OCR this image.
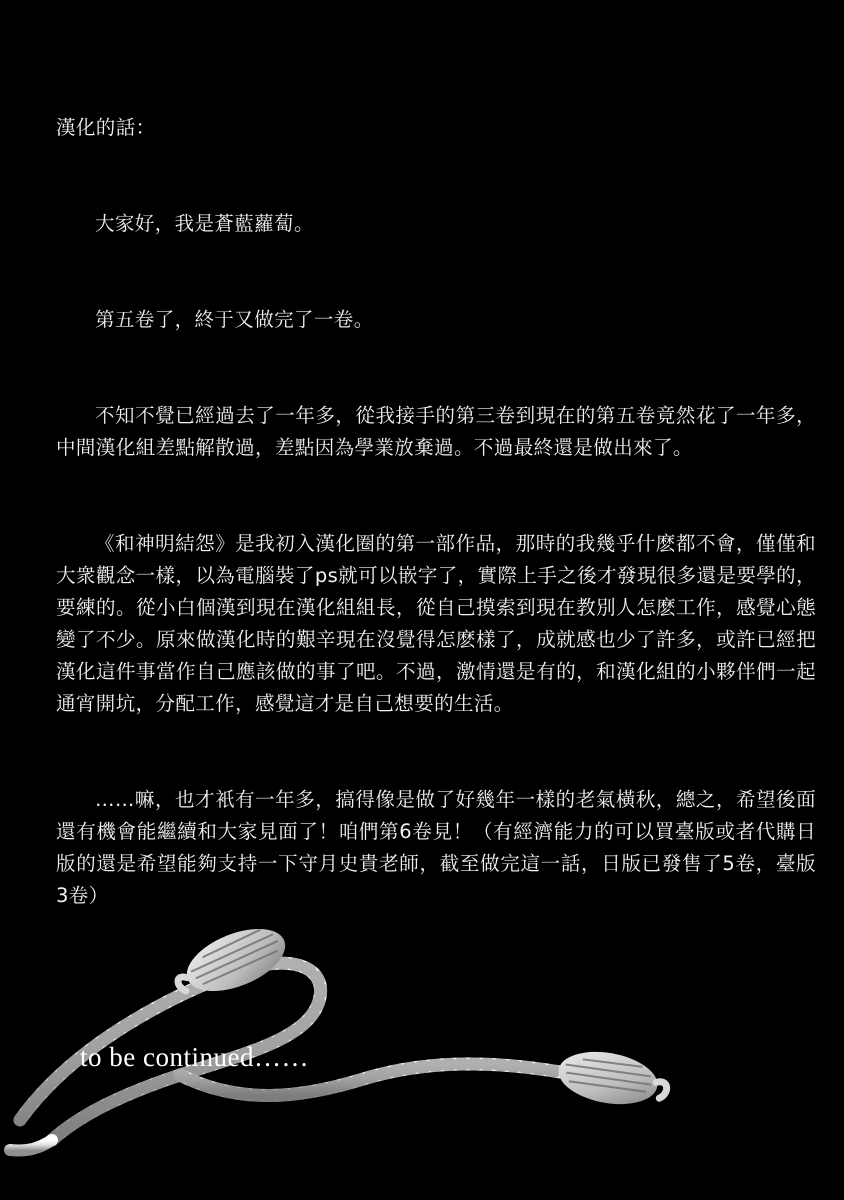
漢化的話：

大家好，我是蒼藍蘿蔔。

第五卷了，終于又做完了一卷。

不知不覺已經過去了一年多，從我接手的第三卷到現在的第五卷竟然花了一年多，中間漢化組差點解散過，差點因為學業放棄過。不過最終還是做出來了。

《和神明結怨》是我初入漢化圈的第一部作品，那時的我幾乎什麽都不會，僅僅和大衆觀念一樣，以為電腦裝了ps就可以嵌字了，實際上手之後才發現很多還是要學的，要練的。從小白個漢到現在漢化組組長，從自己摸索到現在教別人怎麽工作，感覺心態變了不少。原來做漢化時的艱辛現在沒覺得怎麽樣了，成就感也少了許多，或許已經把漢化這件事當作自己應該做的事了吧。不過，激情還是有的，和漢化組的小夥伴們一起通宵開坑，分配工作，感覺這才是自己想要的生活。

……嘛，也才衹有一年多，搞得像是做了好幾年一樣的老氣橫秋，總之，希望後面還有機會能繼續和大家見面了！咱們第6卷見！（有經濟能力的可以買臺版或者代購日版的還是希望能夠支持一下守月史貴老師，截至做完這一話，日版已發售了5卷，臺版3卷）

to be continued……
